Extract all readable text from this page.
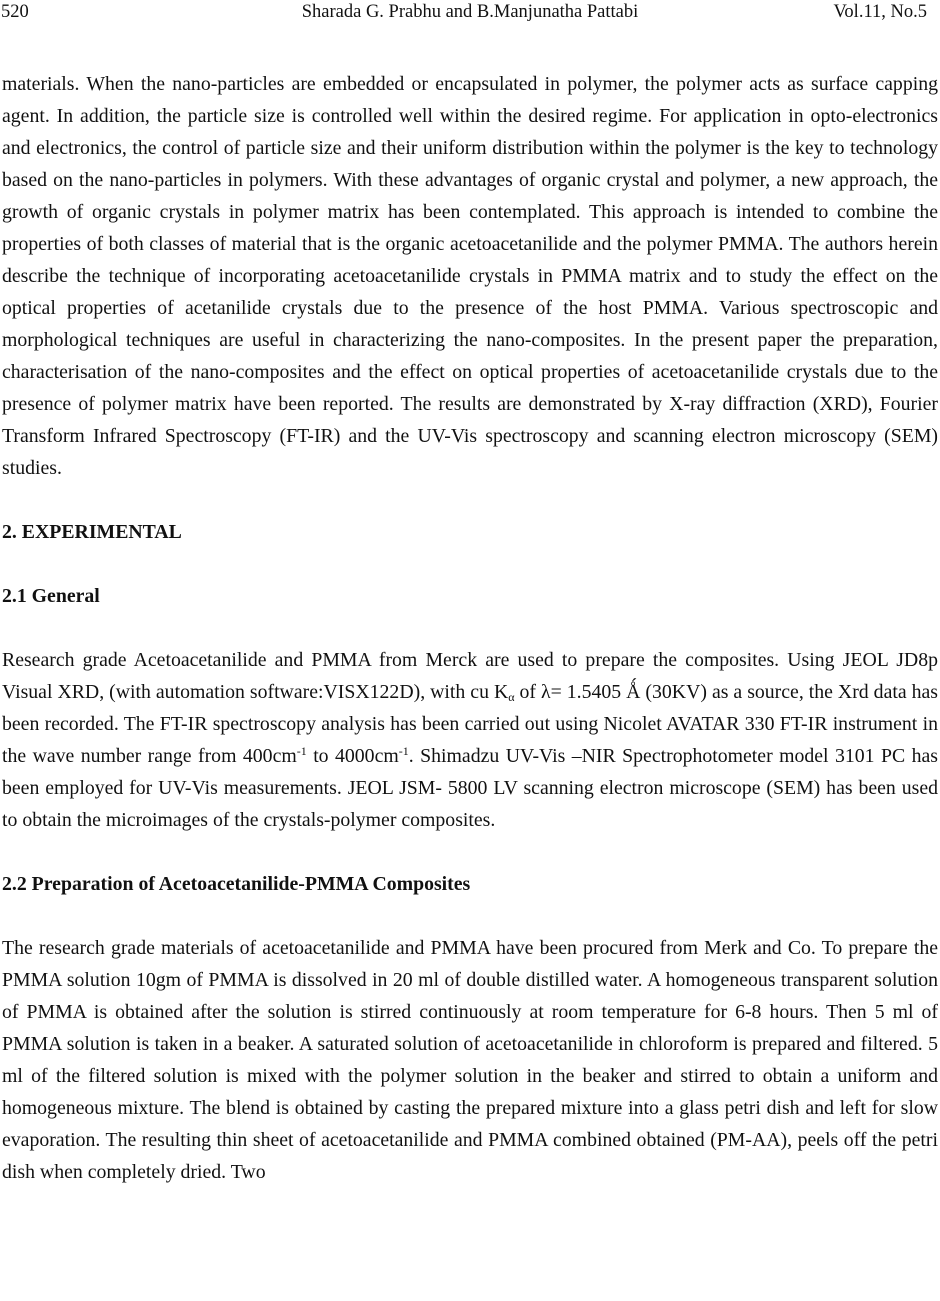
520	Sharada G. Prabhu and B.Manjunatha Pattabi	Vol.11, No.5

materials. When the nano-particles are embedded or encapsulated in polymer, the polymer acts as surface capping agent. In addition, the particle size is controlled well within the desired regime. For application in opto-electronics and electronics, the control of particle size and their uniform distribution within the polymer is the key to technology based on the nano-particles in polymers. With these advantages of organic crystal and polymer, a new approach, the growth of organic crystals in polymer matrix has been contemplated. This approach is intended to combine the properties of both classes of material that is the organic acetoacetanilide and the polymer PMMA. The authors herein describe the technique of incorporating acetoacetanilide crystals in PMMA matrix and to study the effect on the optical properties of acetanilide crystals due to the presence of the host PMMA. Various spectroscopic and morphological techniques are useful in characterizing the nano-composites. In the present paper the preparation, characterisation of the nano-composites and the effect on optical properties of acetoacetanilide crystals due to the presence of polymer matrix have been reported. The results are demonstrated by X-ray diffraction (XRD), Fourier Transform Infrared Spectroscopy (FT-IR) and the UV-Vis spectroscopy and scanning electron microscopy (SEM) studies.

2. EXPERIMENTAL
2.1 General

Research grade Acetoacetanilide and PMMA from Merck are used to prepare the composites. Using JEOL JD8p Visual XRD, (with automation software:VISX122D), with cu $K_\alpha$ of λ= 1.5405 Ǻ (30KV) as a source, the Xrd data has been recorded. The FT-IR spectroscopy analysis has been carried out using Nicolet AVATAR 330 FT-IR instrument in the wave number range from $400cm^{-1}$ to $4000cm^{-1}$. Shimadzu UV-Vis –NIR Spectrophotometer model 3101 PC has been employed for UV-Vis measurements. JEOL JSM- 5800 LV scanning electron microscope (SEM) has been used to obtain the microimages of the crystals-polymer composites.

2.2 Preparation of Acetoacetanilide-PMMA Composites

The research grade materials of acetoacetanilide and PMMA have been procured from Merk and Co. To prepare the PMMA solution 10gm of PMMA is dissolved in 20 ml of double distilled water. A homogeneous transparent solution of PMMA is obtained after the solution is stirred continuously at room temperature for 6-8 hours. Then 5 ml of PMMA solution is taken in a beaker. A saturated solution of acetoacetanilide in chloroform is prepared and filtered. 5 ml of the filtered solution is mixed with the polymer solution in the beaker and stirred to obtain a uniform and homogeneous mixture. The blend is obtained by casting the prepared mixture into a glass petri dish and left for slow evaporation. The resulting thin sheet of acetoacetanilide and PMMA combined obtained (PM-AA), peels off the petri dish when completely dried. Two
